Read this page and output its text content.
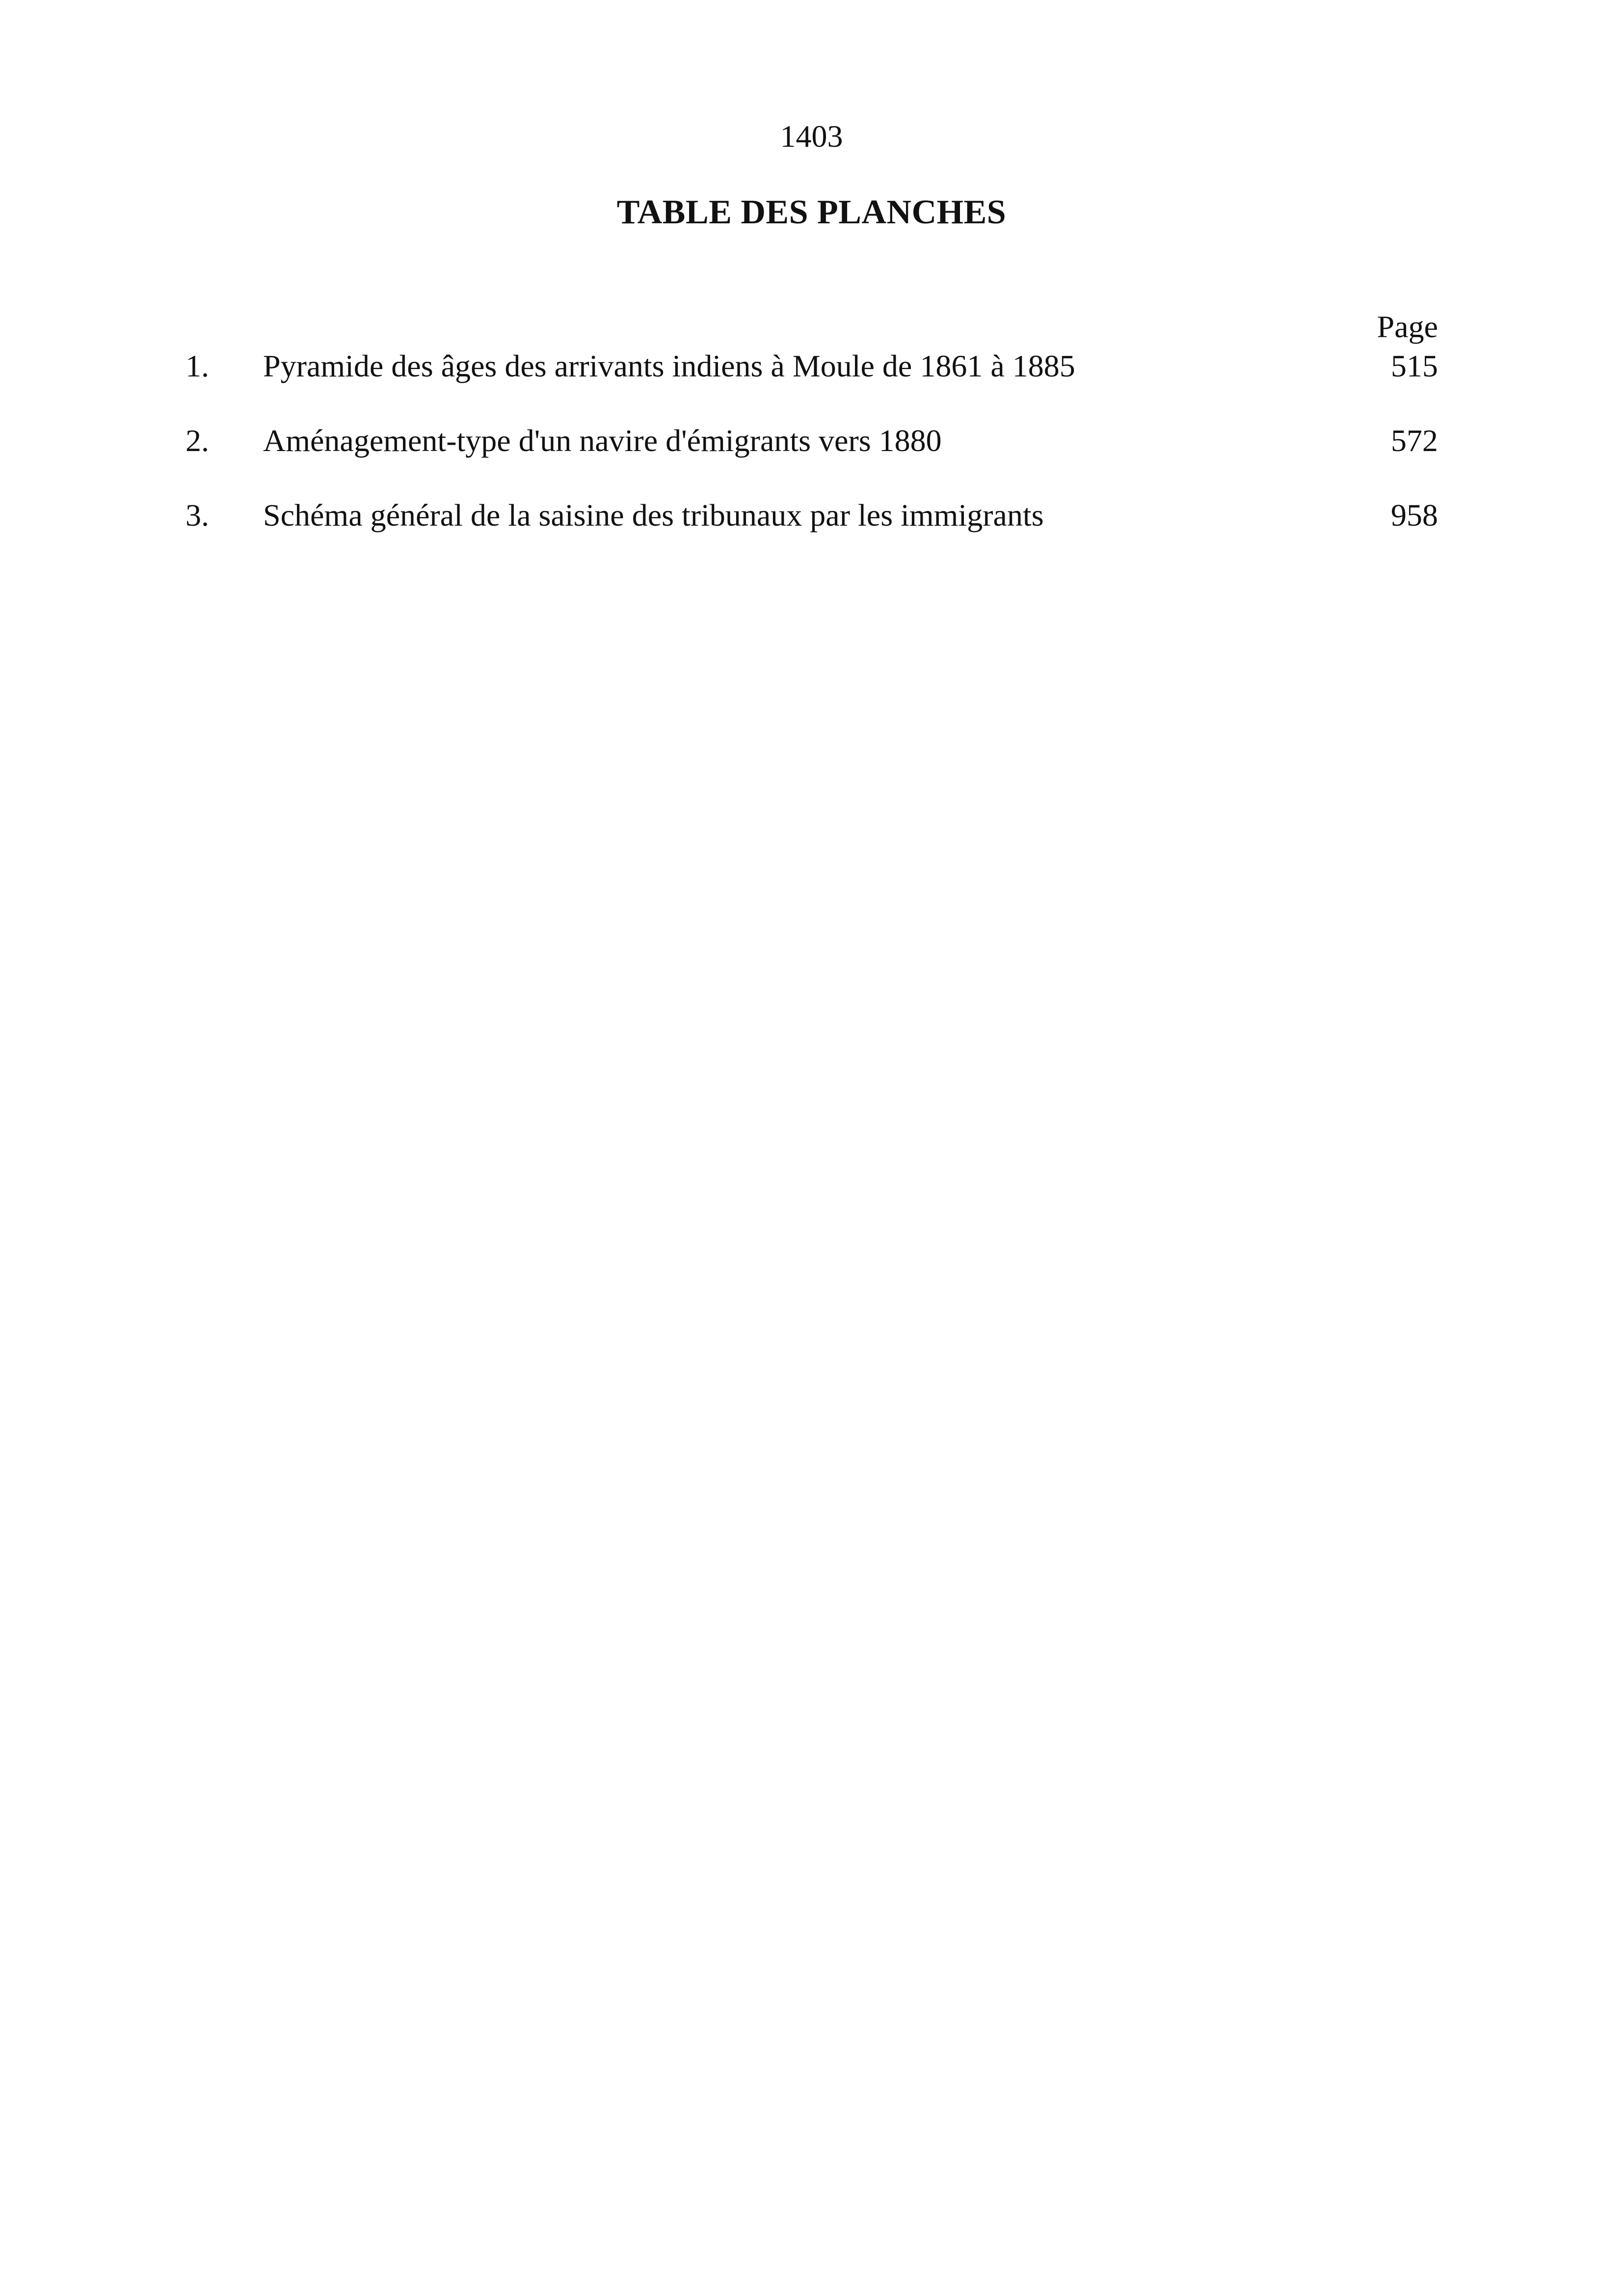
1403
TABLE DES PLANCHES
Page
1.	Pyramide des âges des arrivants indiens à Moule de 1861 à 1885	515
2.	Aménagement-type d'un navire d'émigrants vers 1880	572
3.	Schéma général de la saisine des tribunaux par les immigrants	958
